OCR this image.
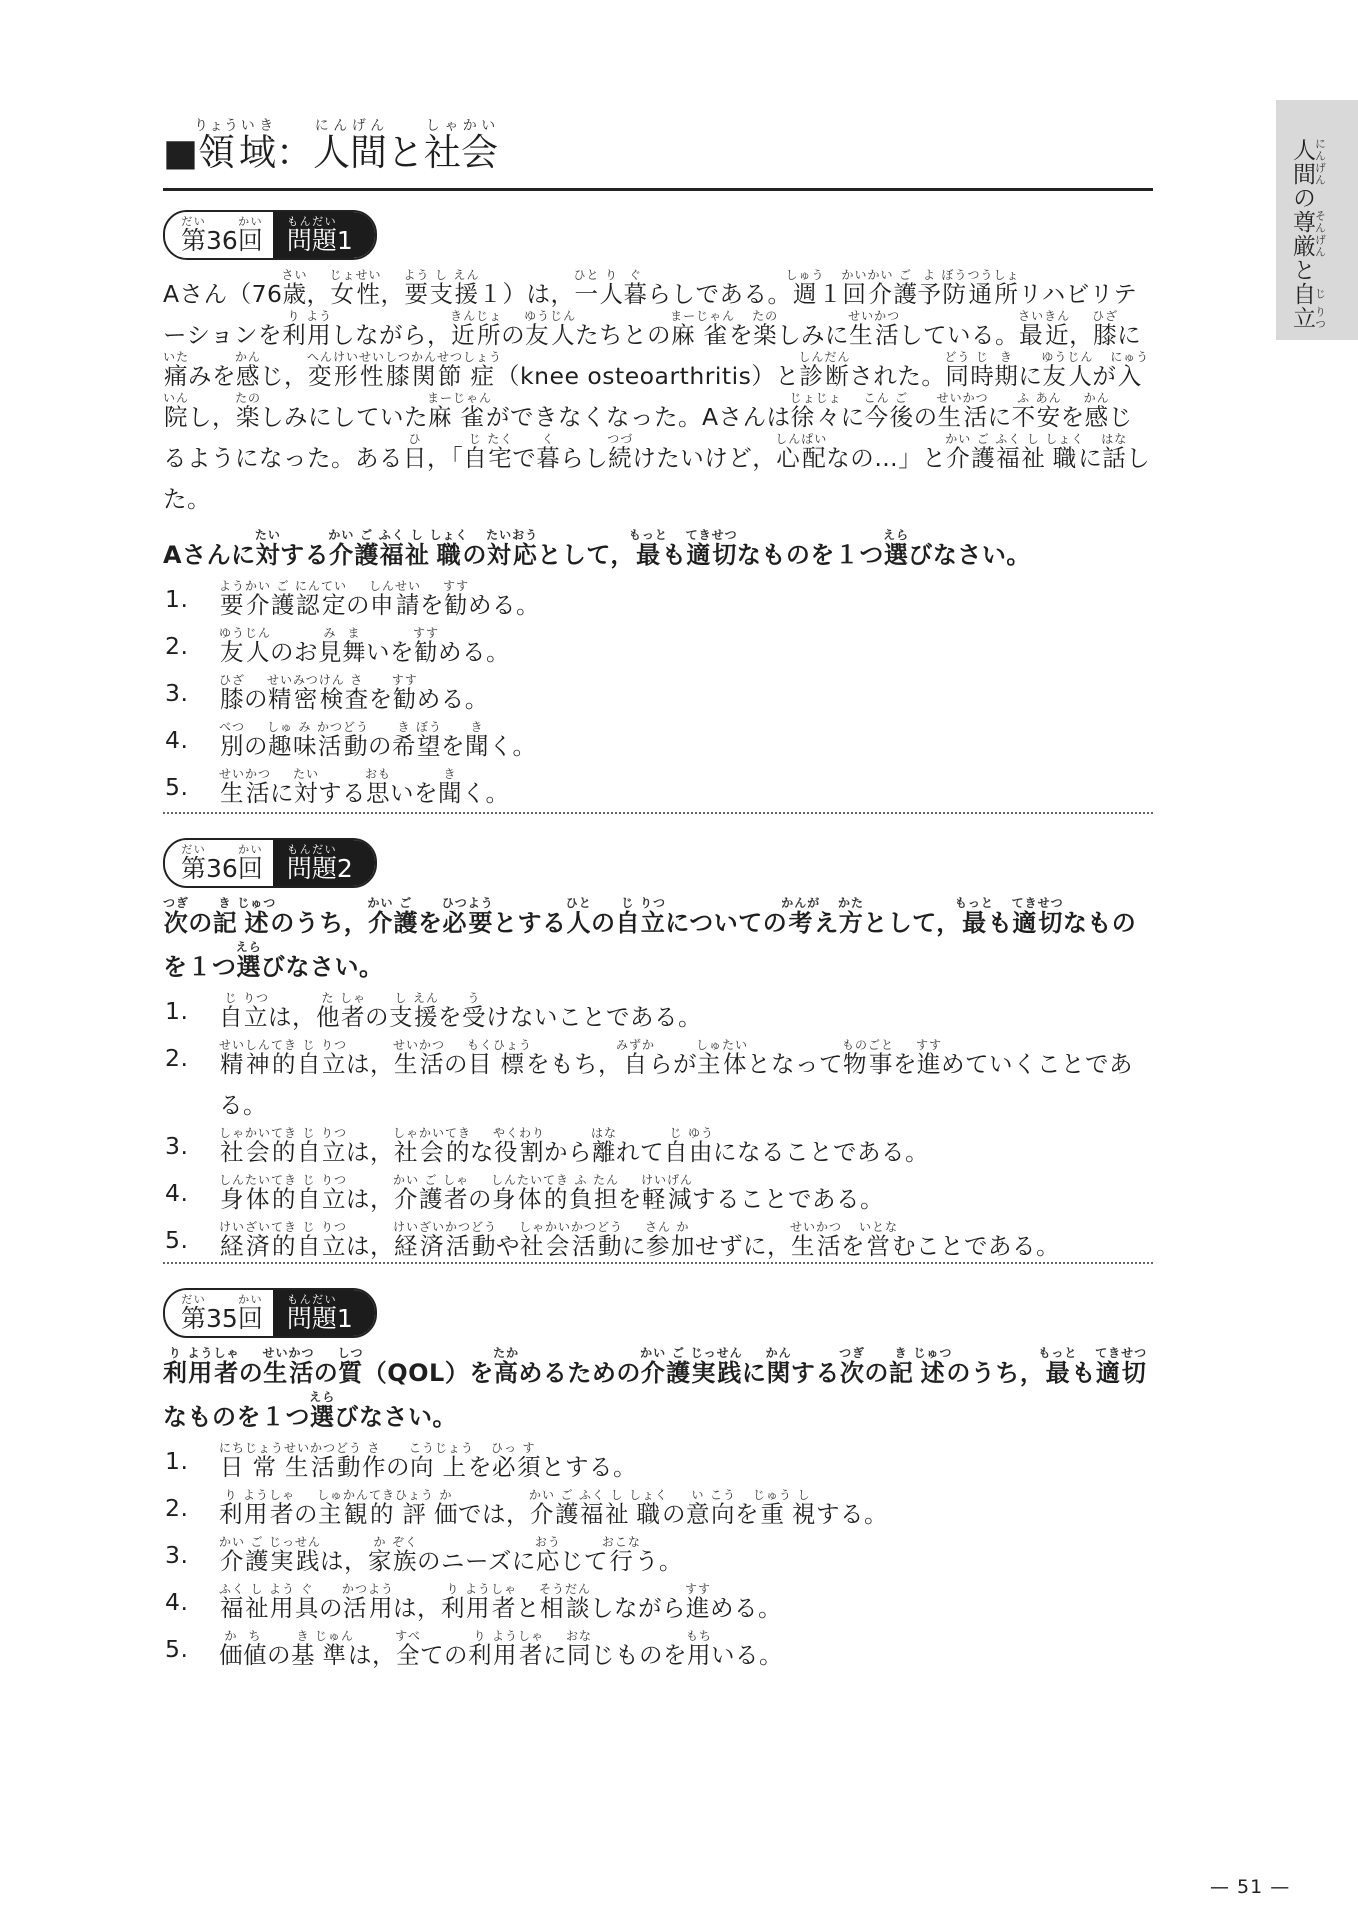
人にん間げんの尊そん厳げんと自じ立りつ
■領りょう域いき：人にん間げんと社しゃ会かい
第だい
36 回かい
問もん題だい
1
Aさん（76歳さい，女じょ性せい，要よう支し援えん１）は，一ひと人り暮ぐらしである。週しゅう１回かい介かい護ご予よ防ぼう通つう所しょリハビリテーションを利り用ようしながら，近きん所じょの友ゆう人じんたちとの麻まー雀じゃんを楽たのしみに生せい活かつしている。最さい近きん，膝ひざに痛いたみを感かんじ，変へん形けい性せい膝しつ関かん節せつ症しょう（knee osteoarthritis）と診しん断だんされた。同どう時じ期きに友ゆう人じんが入にゅう院いんし，楽たのしみにしていた麻まー雀じゃんができなくなった。Aさんは徐じょ々じょに今こん後ごの生せい活かつに不ふ安あんを感かんじるようになった。ある日ひ，「自じ宅たくで暮くらし続つづけたいけど，心しん配ぱいなの…」と介かい護ご福ふく祉し職しょくに話はなした。
Aさんに対たいする介かい護ご福ふく祉し職しょくの対たい応おうとして，最もっとも適てき切せつなものを１つ選えらびなさい。
1.	要よう介かい護ご認にん定ていの申しん請せいを勧すすめる。
2.	友ゆう人じんのお見み舞まいを勧すすめる。
3.	膝ひざの精せい密みつ検けん査さを勧すすめる。
4.	別べつの趣しゅ味み活かつ動どうの希き望ぼうを聞きく。
5.	生せい活かつに対たいする思おもいを聞きく。
第だい
36 回かい
問もん題だい
2
次つぎの記き述じゅつのうち，介かい護ごを必ひつ要ようとする人ひとの自じ立りつについての考かんがえ方かたとして，最もっとも適てき切せつなものを１つ選えらびなさい。
1.	自じ立りつは，他た者しゃの支し援えんを受うけないことである。
2.	精せい神しん的てき自じ立りつは，生せい活かつの目もく標ひょうをもち，自みずからが主しゅ体たいとなって物もの事ごとを進すすめていくことである。
3.	社しゃ会かい的てき自じ立りつは，社しゃ会かい的てきな役やく割わりから離はなれて自じ由ゆうになることである。
4.	身しん体たい的てき自じ立りつは，介かい護ご者しゃの身しん体たい的てき負ふ担たんを軽けい減げんすることである。
5.	経けい済ざい的てき自じ立りつは，経けい済ざい活かつ動どうや社しゃ会かい活かつ動どうに参さん加かせずに，生せい活かつを営いとなむことである。
第だい
35 回かい
問もん題だい
1
利り用よう者しゃの生せい活かつの質しつ（QOL）を高たかめるための介かい護ご実じっ践せんに関かんする次つぎの記き述じゅつのうち，最もっとも適てき切せつなものを１つ選えらびなさい。
1.	日にち常じょう生せい活かつ動どう作さの向こう上じょうを必ひっ須すとする。
2.	利り用よう者しゃの主しゅ観かん的てき評ひょう価かでは，介かい護ご福ふく祉し職しょくの意い向こうを重じゅう視しする。
3.	介かい護ご実じっ践せんは，家か族ぞくのニーズに応おうじて行おこなう。
4.	福ふく祉し用よう具ぐの活かつ用ようは，利り用よう者しゃと相そう談だんしながら進すすめる。
5.	価か値ちの基き準じゅんは，全すべての利り用よう者しゃに同おなじものを用もちいる。
— 51 —
